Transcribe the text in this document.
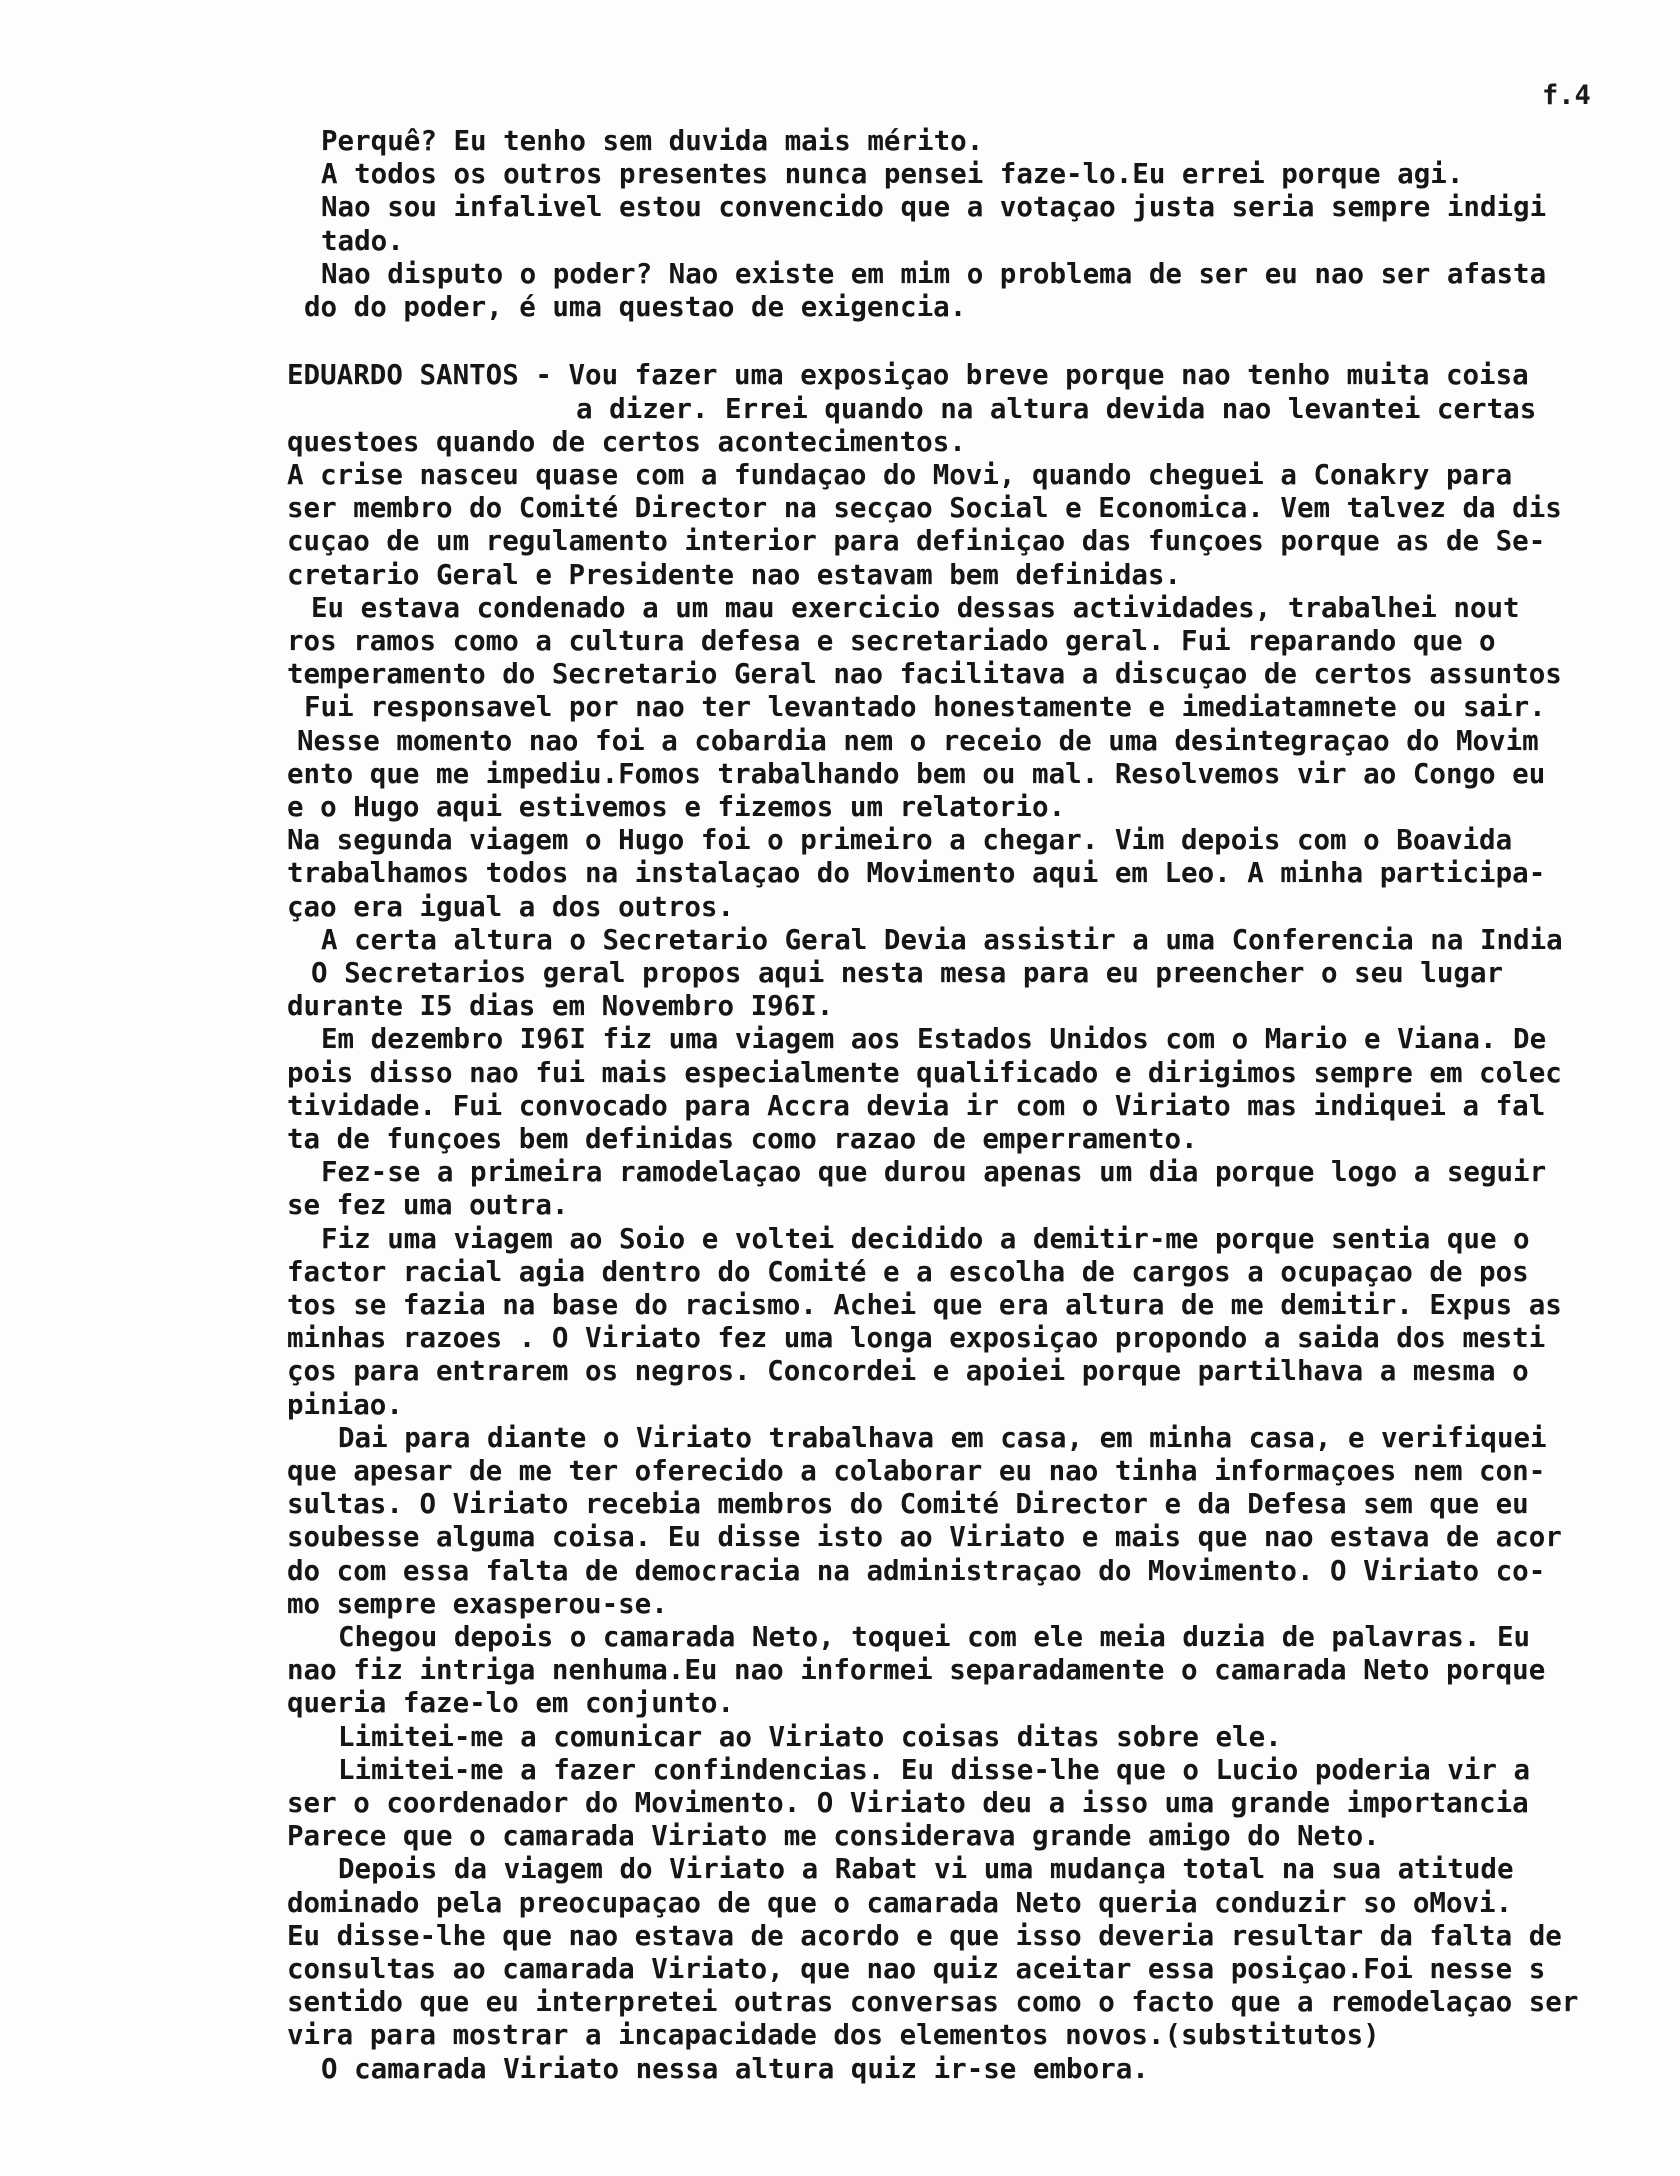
f.4
Perquê? Eu tenho sem duvida mais mérito.
A todos os outros presentes nunca pensei faze-lo.Eu errei porque agi.
Nao sou infalivel estou convencido que a votaçao justa seria sempre indigi
tado.
Nao disputo o poder? Nao existe em mim o problema de ser eu nao ser afasta
do do poder, é uma questao de exigencia.
EDUARDO SANTOS - Vou fazer uma exposiçao breve porque nao tenho muita coisa
a dizer. Errei quando na altura devida nao levantei certas
questoes quando de certos acontecimentos.
A crise nasceu quase com a fundaçao do Movi, quando cheguei a Conakry para
ser membro do Comité Director na secçao Social e Economica. Vem talvez da dis
cuçao de um regulamento interior para definiçao das funçoes porque as de Se-
cretario Geral e Presidente nao estavam bem definidas.
Eu estava condenado a um mau exercicio dessas actividades, trabalhei nout
ros ramos como a cultura defesa e secretariado geral. Fui reparando que o
temperamento do Secretario Geral nao facilitava a discuçao de certos assuntos
Fui responsavel por nao ter levantado honestamente e imediatamnete ou sair.
Nesse momento nao foi a cobardia nem o receio de uma desintegraçao do Movim
ento que me impediu.Fomos trabalhando bem ou mal. Resolvemos vir ao Congo eu
e o Hugo aqui estivemos e fizemos um relatorio.
Na segunda viagem o Hugo foi o primeiro a chegar. Vim depois com o Boavida
trabalhamos todos na instalaçao do Movimento aqui em Leo. A minha participa-
çao era igual a dos outros.
A certa altura o Secretario Geral Devia assistir a uma Conferencia na India
O Secretarios geral propos aqui nesta mesa para eu preencher o seu lugar
durante I5 dias em Novembro I96I.
Em dezembro I96I fiz uma viagem aos Estados Unidos com o Mario e Viana. De
pois disso nao fui mais especialmente qualificado e dirigimos sempre em colec
tividade. Fui convocado para Accra devia ir com o Viriato mas indiquei a fal
ta de funçoes bem definidas como razao de emperramento.
Fez-se a primeira ramodelaçao que durou apenas um dia porque logo a seguir
se fez uma outra.
Fiz uma viagem ao Soio e voltei decidido a demitir-me porque sentia que o
factor racial agia dentro do Comité e a escolha de cargos a ocupaçao de pos
tos se fazia na base do racismo. Achei que era altura de me demitir. Expus as
minhas razoes . O Viriato fez uma longa exposiçao propondo a saida dos mesti
ços para entrarem os negros. Concordei e apoiei porque partilhava a mesma o
piniao.
Dai para diante o Viriato trabalhava em casa, em minha casa, e verifiquei
que apesar de me ter oferecido a colaborar eu nao tinha informaçoes nem con-
sultas. O Viriato recebia membros do Comité Director e da Defesa sem que eu
soubesse alguma coisa. Eu disse isto ao Viriato e mais que nao estava de acor
do com essa falta de democracia na administraçao do Movimento. O Viriato co-
mo sempre exasperou-se.
Chegou depois o camarada Neto, toquei com ele meia duzia de palavras. Eu
nao fiz intriga nenhuma.Eu nao informei separadamente o camarada Neto porque
queria faze-lo em conjunto.
Limitei-me a comunicar ao Viriato coisas ditas sobre ele.
Limitei-me a fazer confindencias. Eu disse-lhe que o Lucio poderia vir a
ser o coordenador do Movimento. O Viriato deu a isso uma grande importancia
Parece que o camarada Viriato me considerava grande amigo do Neto.
Depois da viagem do Viriato a Rabat vi uma mudança total na sua atitude
dominado pela preocupaçao de que o camarada Neto queria conduzir so oMovi.
Eu disse-lhe que nao estava de acordo e que isso deveria resultar da falta de
consultas ao camarada Viriato, que nao quiz aceitar essa posiçao.Foi nesse s
sentido que eu interpretei outras conversas como o facto que a remodelaçao ser
vira para mostrar a incapacidade dos elementos novos.(substitutos)
O camarada Viriato nessa altura quiz ir-se embora.
